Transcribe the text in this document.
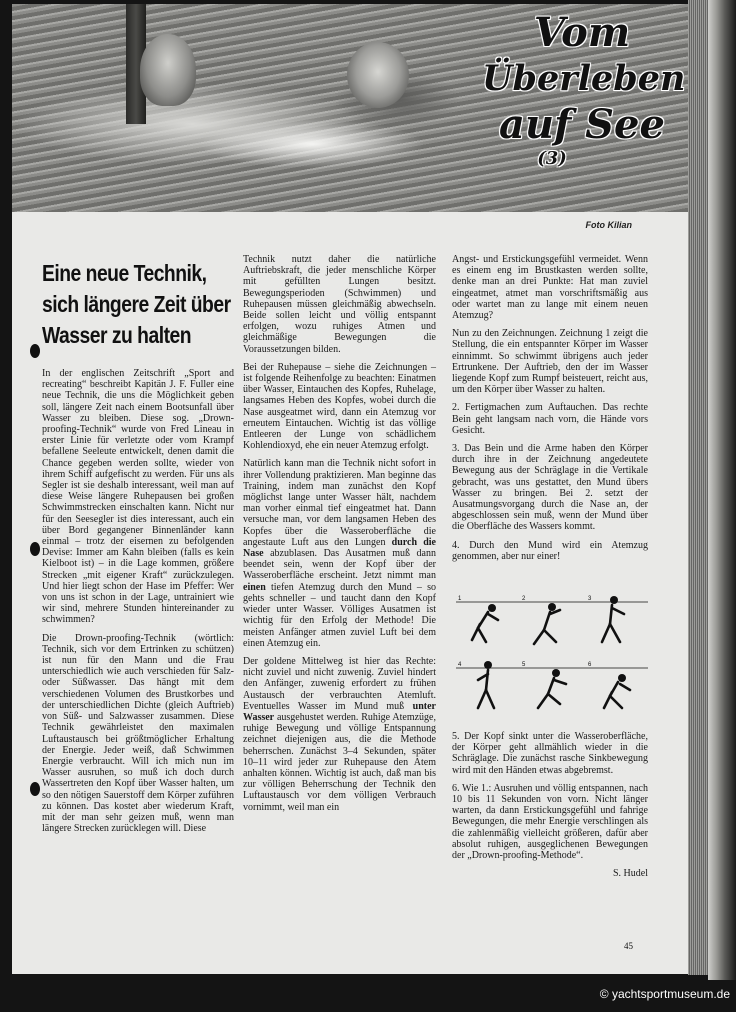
Vom
Überleben
auf See
(3)
Foto Kilian
Eine neue Technik, sich längere Zeit über Wasser zu halten

In der englischen Zeitschrift „Sport and recreating“ beschreibt Kapitän J. F. Fuller eine neue Technik, die uns die Möglichkeit geben soll, längere Zeit nach einem Bootsunfall über Wasser zu bleiben. Diese sog. „Drown-proofing-Technik“ wurde von Fred Lineau in erster Linie für verletzte oder vom Krampf befallene Seeleute entwickelt, denen damit die Chance gegeben werden sollte, wieder von ihrem Schiff aufgefischt zu werden. Für uns als Segler ist sie deshalb interessant, weil man auf diese Weise längere Ruhepausen bei großen Schwimmstrecken einschalten kann. Nicht nur für den Seesegler ist dies interessant, auch ein über Bord gegangener Binnenländer kann einmal – trotz der eisernen zu befolgenden Devise: Immer am Kahn bleiben (falls es kein Kielboot ist) – in die Lage kommen, größere Strecken „mit eigener Kraft“ zurückzulegen. Und hier liegt schon der Hase im Pfeffer: Wer von uns ist schon in der Lage, untrainiert wie wir sind, mehrere Stunden hintereinander zu schwimmen?

Die Drown-proofing-Technik (wörtlich: Technik, sich vor dem Ertrinken zu schützen) ist nun für den Mann und die Frau unterschiedlich wie auch verschieden für Salz- oder Süßwasser. Das hängt mit dem verschiedenen Volumen des Brustkorbes und der unterschiedlichen Dichte (gleich Auftrieb) von Süß- und Salzwasser zusammen. Diese Technik gewährleistet den maximalen Luftaustausch bei größtmöglicher Erhaltung der Energie. Jeder weiß, daß Schwimmen Energie verbraucht. Will ich mich nun im Wasser ausruhen, so muß ich doch durch Wassertreten den Kopf über Wasser halten, um so den nötigen Sauerstoff dem Körper zuführen zu können. Das kostet aber wiederum Kraft, mit der man sehr geizen muß, wenn man längere Strecken zurücklegen will. Diese

Technik nutzt daher die natürliche Auftriebskraft, die jeder menschliche Körper mit gefüllten Lungen besitzt. Bewegungsperioden (Schwimmen) und Ruhepausen müssen gleichmäßig abwechseln. Beide sollen leicht und völlig entspannt erfolgen, wozu ruhiges Atmen und gleichmäßige Bewegungen die Voraussetzungen bilden.

Bei der Ruhepause – siehe die Zeichnungen – ist folgende Reihenfolge zu beachten: Einatmen über Wasser, Eintauchen des Kopfes, Ruhelage, langsames Heben des Kopfes, wobei durch die Nase ausgeatmet wird, dann ein Atemzug vor erneutem Eintauchen. Wichtig ist das völlige Entleeren der Lunge von schädlichem Kohlendioxyd, ehe ein neuer Atemzug erfolgt.

Natürlich kann man die Technik nicht sofort in ihrer Vollendung praktizieren. Man beginne das Training, indem man zunächst den Kopf möglichst lange unter Wasser hält, nachdem man vorher einmal tief eingeatmet hat. Dann versuche man, vor dem langsamen Heben des Kopfes über die Wasseroberfläche die angestaute Luft aus den Lungen durch die Nase abzublasen. Das Ausatmen muß dann beendet sein, wenn der Kopf über der Wasseroberfläche erscheint. Jetzt nimmt man einen tiefen Atemzug durch den Mund – so gehts schneller – und taucht dann den Kopf wieder unter Wasser. Völliges Ausatmen ist wichtig für den Erfolg der Methode! Die meisten Anfänger atmen zuviel Luft bei dem einen Atemzug ein.

Der goldene Mittelweg ist hier das Rechte: nicht zuviel und nicht zuwenig. Zuviel hindert den Anfänger, zuwenig erfordert zu frühen Austausch der verbrauchten Atemluft. Eventuelles Wasser im Mund muß unter Wasser ausgehustet werden. Ruhige Atemzüge, ruhige Bewegung und völlige Entspannung zeichnet diejenigen aus, die die Methode beherrschen. Zunächst 3–4 Sekunden, später 10–11 wird jeder zur Ruhepause den Atem anhalten können. Wichtig ist auch, daß man bis zur völligen Beherrschung der Technik den Luftaustausch vor dem völligen Verbrauch vornimmt, weil man ein

Angst- und Erstickungsgefühl vermeidet. Wenn es einem eng im Brustkasten werden sollte, denke man an drei Punkte: Hat man zuviel eingeatmet, atmet man vorschriftsmäßig aus oder wartet man zu lange mit einem neuen Atemzug?

Nun zu den Zeichnungen. Zeichnung 1 zeigt die Stellung, die ein entspannter Körper im Wasser einnimmt. So schwimmt übrigens auch jeder Ertrunkene. Der Auftrieb, den der im Wasser liegende Kopf zum Rumpf beisteuert, reicht aus, um den Körper über Wasser zu halten.

2. Fertigmachen zum Auftauchen. Das rechte Bein geht langsam nach vorn, die Hände vors Gesicht.

3. Das Bein und die Arme haben den Körper durch ihre in der Zeichnung angedeutete Bewegung aus der Schräglage in die Vertikale gebracht, was uns gestattet, den Mund übers Wasser zu bringen. Bei 2. setzt der Ausatmungsvorgang durch die Nase an, der abgeschlossen sein muß, wenn der Mund über die Oberfläche des Wassers kommt.

4. Durch den Mund wird ein Atemzug genommen, aber nur einer!

1	2	3
4	5	6

5. Der Kopf sinkt unter die Wasseroberfläche, der Körper geht allmählich wieder in die Schräglage. Die zunächst rasche Sinkbewegung wird mit den Händen etwas abgebremst.

6. Wie 1.: Ausruhen und völlig entspannen, nach 10 bis 11 Sekunden von vorn. Nicht länger warten, da dann Erstickungsgefühl und fahrige Bewegungen, die mehr Energie verschlingen als die zahlenmäßig vielleicht größeren, dafür aber absolut ruhigen, ausgeglichenen Bewegungen der „Drown-proofing-Methode“.

S. Hudel
45
© yachtsportmuseum.de
